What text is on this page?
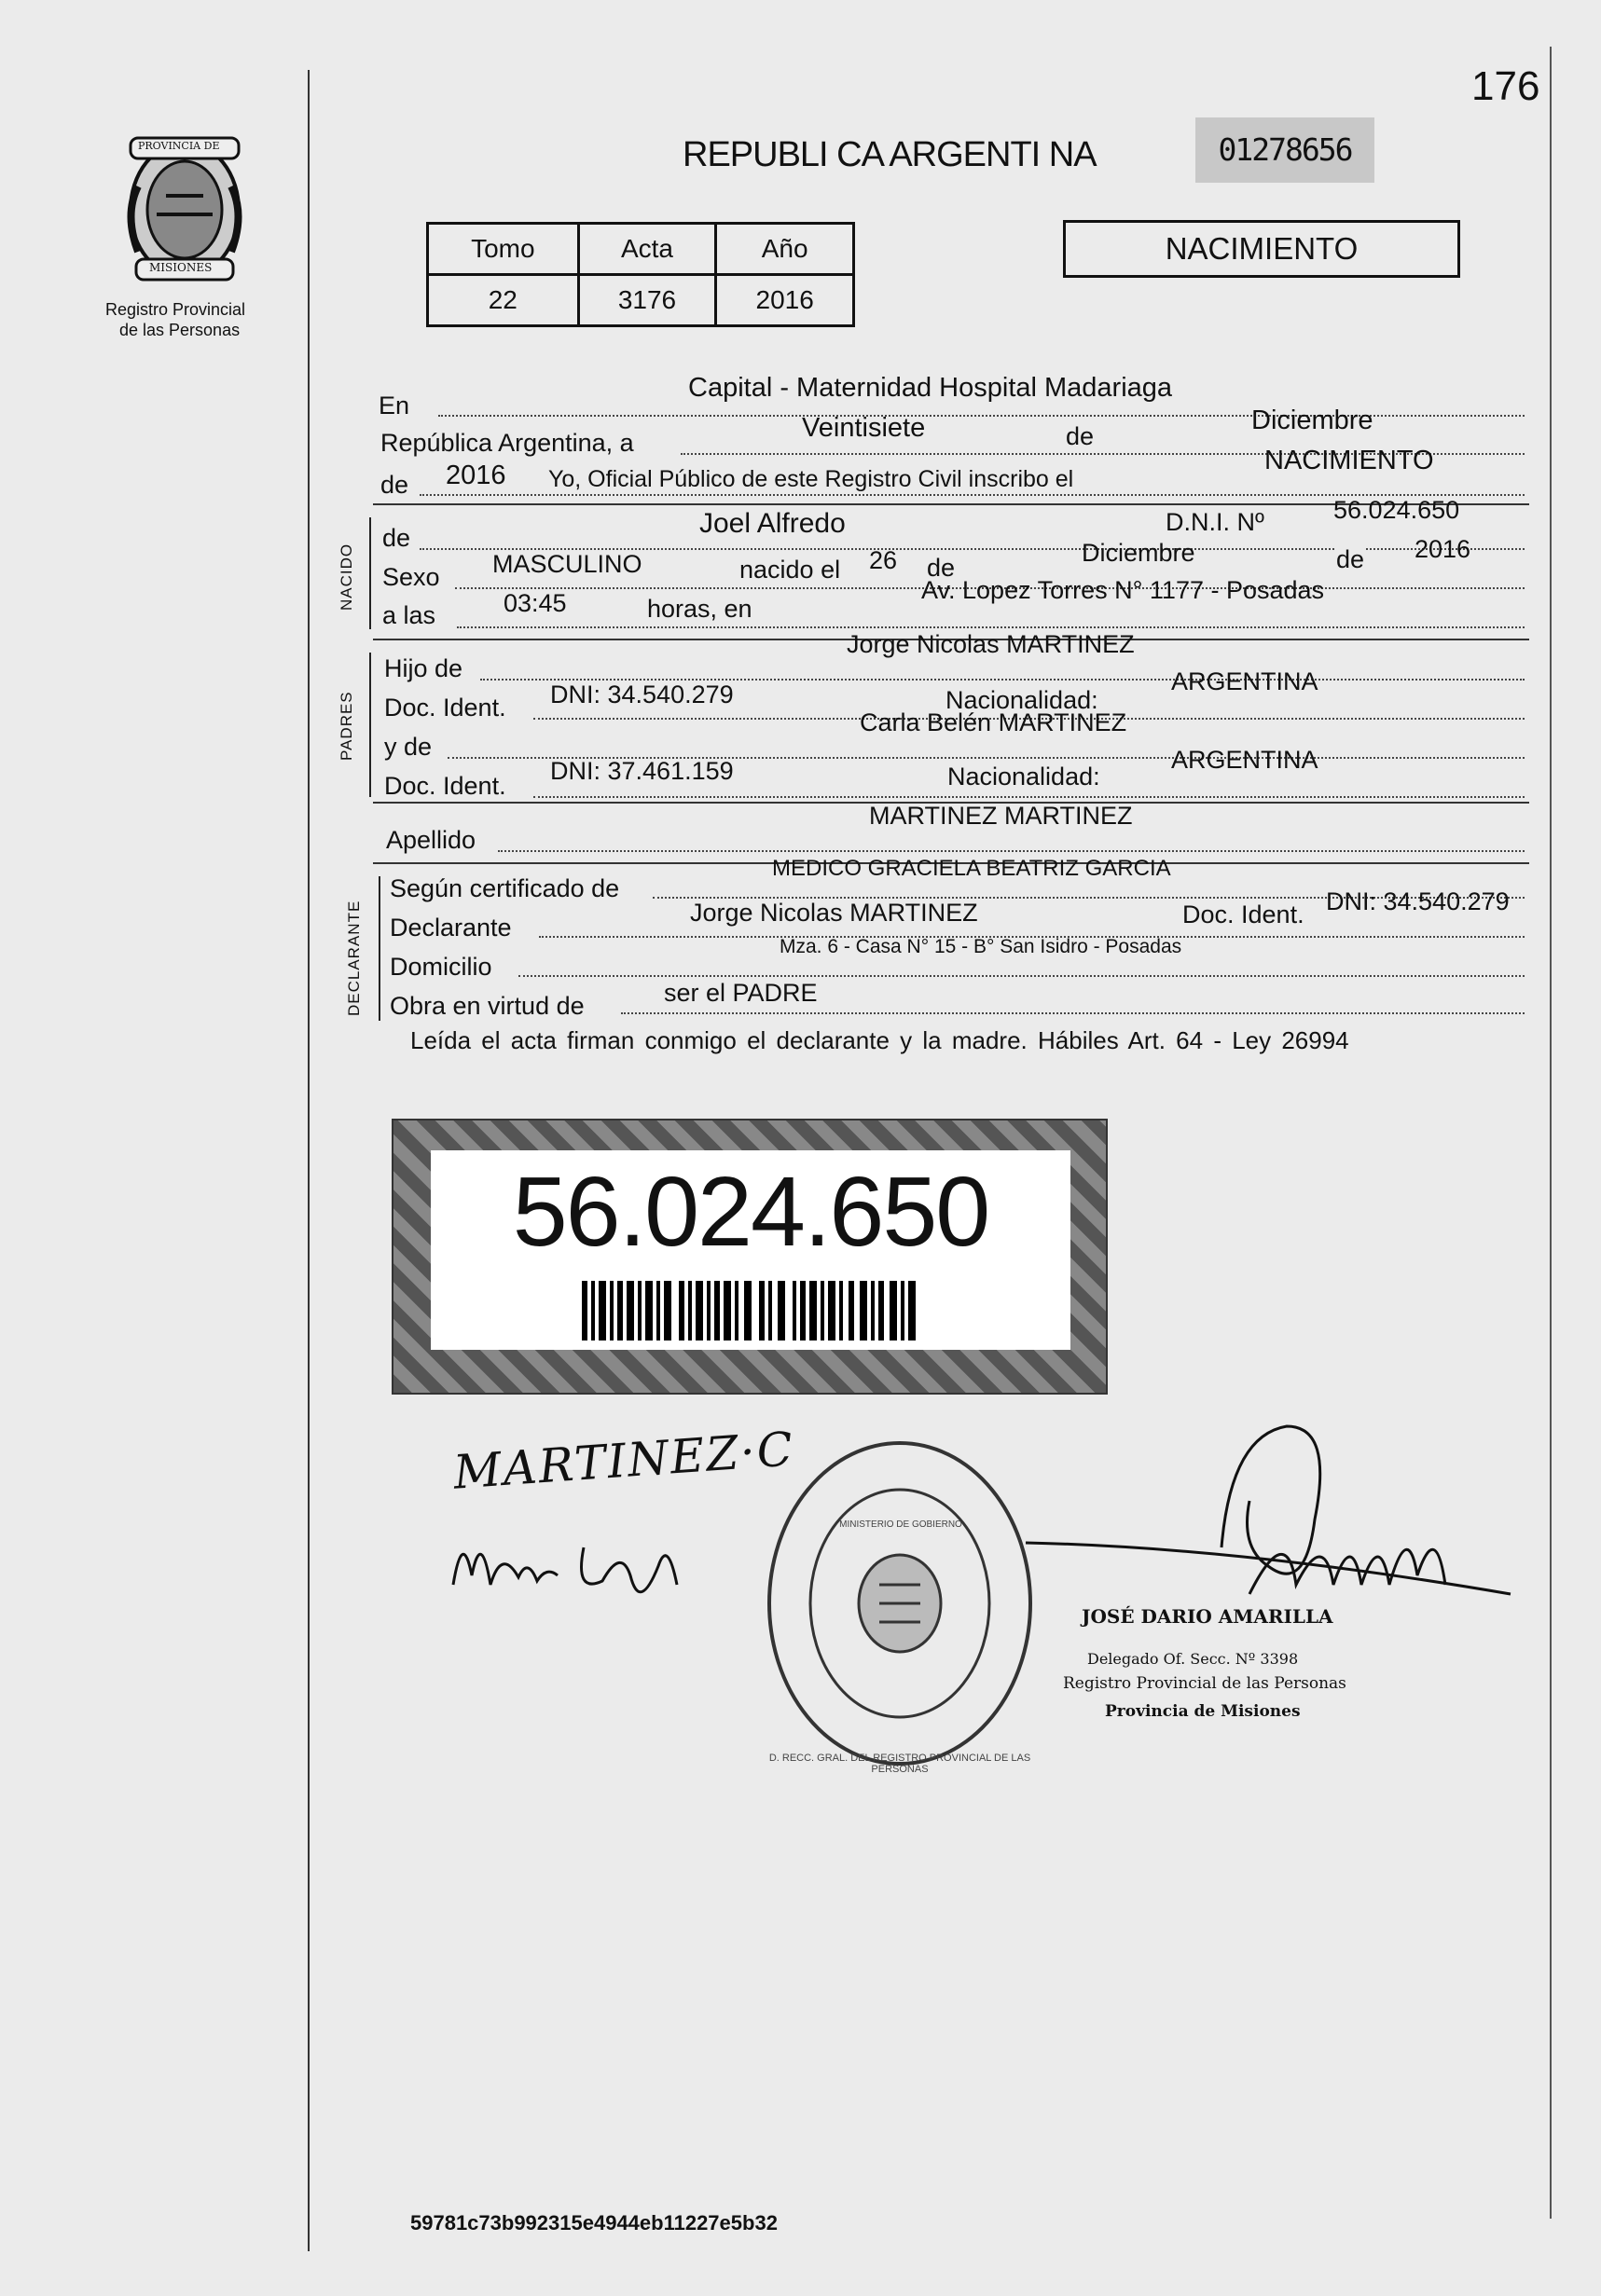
176
PROVINCIA DE
MISIONES
Registro Provincial
de las Personas
REPUBLI CA ARGENTI NA	01278656
Tomo	Acta	Año
22	3176	2016
NACIMIENTO
En
Capital - Maternidad Hospital Madariaga
República Argentina, a	Veintisiete	de
Diciembre
de 2016 Yo, Oficial Público de este Registro Civil inscribo el
NACIMIENTO
NACIDO
de	Joel Alfredo	D.N.I. Nº	56.024.650
Sexo MASCULINO	nacido el 26 de
Diciembre	de 2016
a las	03:45	horas, en
Av. Lopez Torres N° 1177 - Posadas
PADRES
Hijo de
Jorge Nicolas MARTINEZ
Doc. Ident. DNI: 34.540.279	Nacionalidad:
ARGENTINA
y de
Carla Belén MARTINEZ
Doc. Ident.
DNI: 37.461.159	Nacionalidad:
ARGENTINA
Apellido
MARTINEZ MARTINEZ
DECLARANTE
Según certificado de
MEDICO GRACIELA BEATRIZ GARCIA
Declarante
Jorge Nicolas MARTINEZ	Doc. Ident. DNI: 34.540.279
Domicilio
Mza. 6 - Casa N° 15 - B° San Isidro - Posadas
Obra en virtud de	ser el PADRE
Leída el acta firman conmigo el declarante y la madre. Hábiles Art. 64 - Ley 26994
56.024.650
MARTINEZ·C
D. RECC. GRAL. DEL REGISTRO PROVINCIAL DE LAS PERSONAS
MINISTERIO DE GOBIERNO
JOSÉ DARIO AMARILLA
Delegado Of. Secc. Nº 3398
Registro Provincial de las Personas
Provincia de Misiones
59781c73b992315e4944eb11227e5b32
